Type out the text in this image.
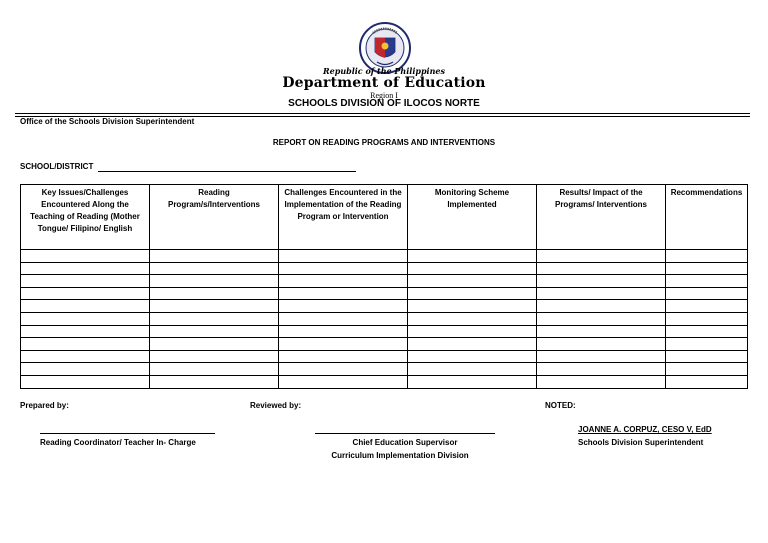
Republic of the Philippines
Department of Education
Region I
SCHOOLS DIVISION OF ILOCOS NORTE
Office of the Schools Division Superintendent
REPORT ON READING PROGRAMS AND INTERVENTIONS
SCHOOL/DISTRICT
Key Issues/Challenges Encountered Along the Teaching of Reading (Mother Tongue/ Filipino/ English	Reading Program/s/Interventions	Challenges Encountered in the Implementation of the Reading Program or Intervention	Monitoring Scheme Implemented	Results/ Impact of the Programs/ Interventions	Recommendations

Prepared by:	Reviewed by:	NOTED:
Reading Coordinator/ Teacher In- Charge	Chief Education Supervisor
Curriculum Implementation Division
JOANNE A. CORPUZ, CESO V, EdD
Schools Division Superintendent
